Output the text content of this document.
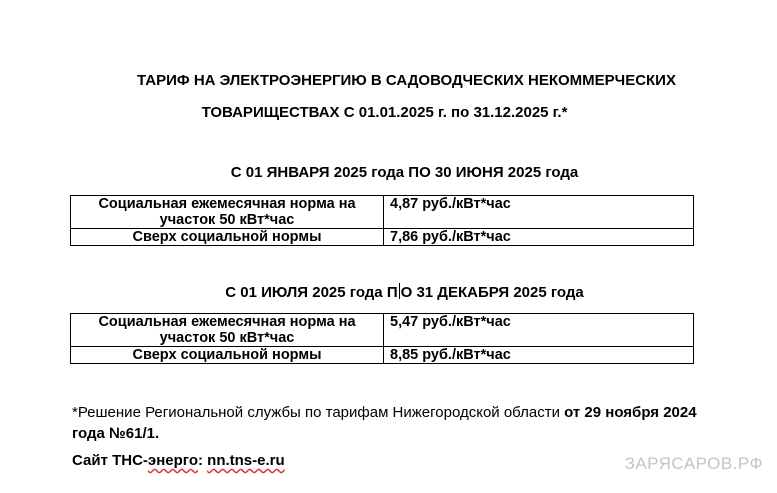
ТАРИФ НА ЭЛЕКТРОЭНЕРГИЮ В САДОВОДЧЕСКИХ НЕКОММЕРЧЕСКИХ
ТОВАРИЩЕСТВАХ С 01.01.2025 г. по 31.12.2025 г.*
С 01 ЯНВАРЯ 2025 года ПО 30 ИЮНЯ 2025 года
Социальная ежемесячная норма на
участок 50 кВт*час	4,87 руб./кВт*час
Сверх социальной нормы	7,86 руб./кВт*час
С 01 ИЮЛЯ 2025 года П О 31 ДЕКАБРЯ 2025 года
Социальная ежемесячная норма на
участок 50 кВт*час	5,47 руб./кВт*час
Сверх социальной нормы	8,85 руб./кВт*час
*Решение Региональной службы по тарифам Нижегородской области от 29 ноября 2024 года №61/1.
Сайт ТНС-энерго: nn.tns-e.ru	ЗАРЯСАРОВ.РФ
